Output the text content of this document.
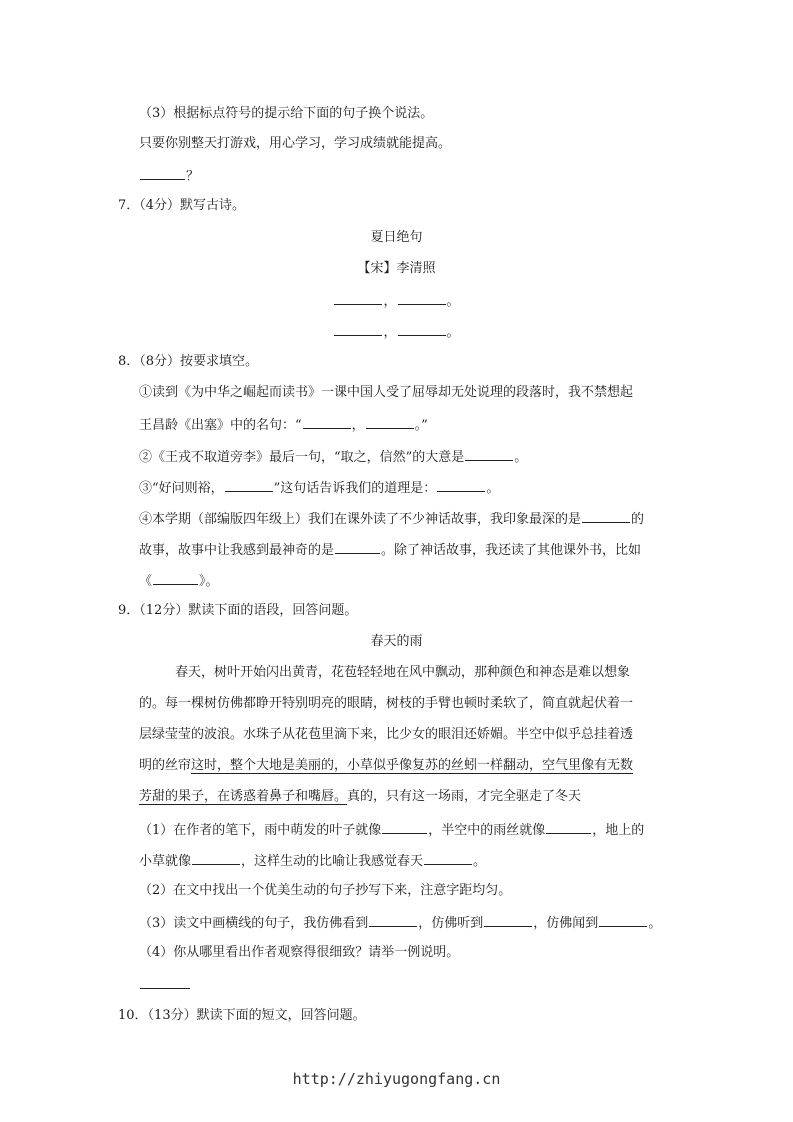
（3）根据标点符号的提示给下面的句子换个说法。
只要你别整天打游戏，用心学习，学习成绩就能提高。
？
7．（4分）默写古诗。
夏日绝句
【宋】李清照
，	。
，	。
8．（8分）按要求填空。
①读到《为中华之崛起而读书》一课中国人受了屈辱却无处说理的段落时，我不禁想起
王昌龄《出塞》中的名句：“	，	。”
②《王戎不取道旁李》最后一句，“取之，信然”的大意是	。
③“好问则裕，	”这句话告诉我们的道理是：	。
④本学期（部编版四年级上）我们在课外读了不少神话故事，我印象最深的是	的
故事，故事中让我感到最神奇的是	。除了神话故事，我还读了其他课外书，比如
《	》。
9．（12分）默读下面的语段，回答问题。
春天的雨
春天，树叶开始闪出黄青，花苞轻轻地在风中飘动，那种颜色和神态是难以想象
的。每一棵树仿佛都睁开特别明亮的眼睛，树枝的手臂也顿时柔软了，简直就起伏着一
层绿莹莹的波浪。水珠子从花苞里滴下来，比少女的眼泪还娇媚。半空中似乎总挂着透
明的丝帘这时，整个大地是美丽的，小草似乎像复苏的丝蚓一样翻动，空气里像有无数
芳甜的果子，在诱惑着鼻子和嘴唇。真的，只有这一场雨，才完全驱走了冬天
（1）在作者的笔下，雨中萌发的叶子就像	，半空中的雨丝就像	，地上的
小草就像	，这样生动的比喻让我感觉春天	。
（2）在文中找出一个优美生动的句子抄写下来，注意字距均匀。
（3）读文中画横线的句子，我仿佛看到	，仿佛听到	，仿佛闻到	。
（4）你从哪里看出作者观察得很细致？请举一例说明。
10．（13分）默读下面的短文，回答问题。
http://zhiyugongfang.cn
